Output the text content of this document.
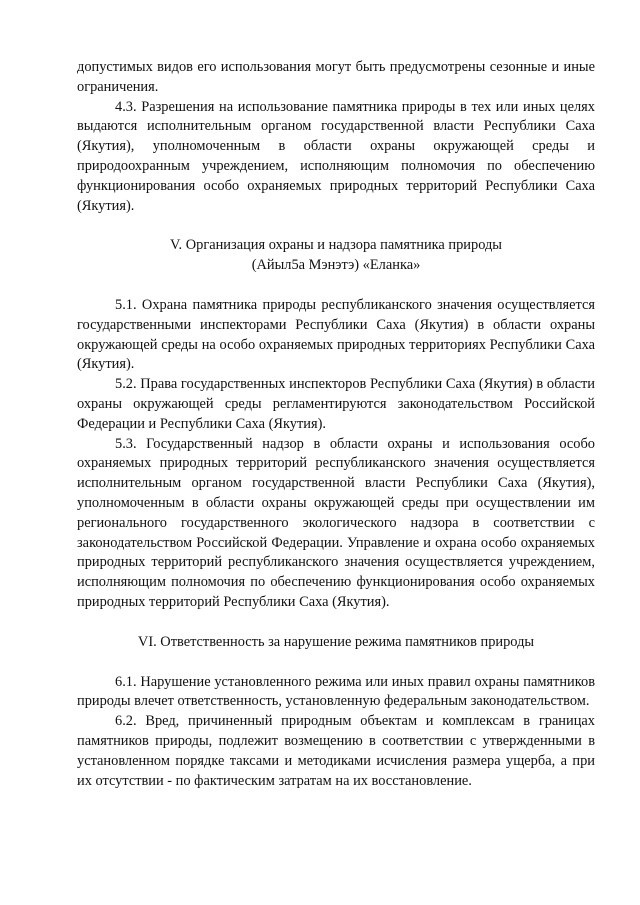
допустимых видов его использования могут быть предусмотрены сезонные и иные ограничения.

4.3. Разрешения на использование памятника природы в тех или иных целях выдаются исполнительным органом государственной власти Республики Саха (Якутия), уполномоченным в области охраны окружающей среды и природоохранным учреждением, исполняющим полномочия по обеспечению функционирования особо охраняемых природных территорий Республики Саха (Якутия).

V. Организация охраны и надзора памятника природы

(Айыл5а Мэнэтэ) «Еланка»

5.1. Охрана памятника природы республиканского значения осуществляется государственными инспекторами Республики Саха (Якутия) в области охраны окружающей среды на особо охраняемых природных территориях Республики Саха (Якутия).

5.2. Права государственных инспекторов Республики Саха (Якутия) в области охраны окружающей среды регламентируются законодательством Российской Федерации и Республики Саха (Якутия).

5.3. Государственный надзор в области охраны и использования особо охраняемых природных территорий республиканского значения осуществляется исполнительным органом государственной власти Республики Саха (Якутия), уполномоченным в области охраны окружающей среды при осуществлении им регионального государственного экологического надзора в соответствии с законодательством Российской Федерации. Управление и охрана особо охраняемых природных территорий республиканского значения осуществляется учреждением, исполняющим полномочия по обеспечению функционирования особо охраняемых природных территорий Республики Саха (Якутия).

VI. Ответственность за нарушение режима памятников природы

6.1. Нарушение установленного режима или иных правил охраны памятников природы влечет ответственность, установленную федеральным законодательством.

6.2. Вред, причиненный природным объектам и комплексам в границах памятников природы, подлежит возмещению в соответствии с утвержденными в установленном порядке таксами и методиками исчисления размера ущерба, а при их отсутствии - по фактическим затратам на их восстановление.
